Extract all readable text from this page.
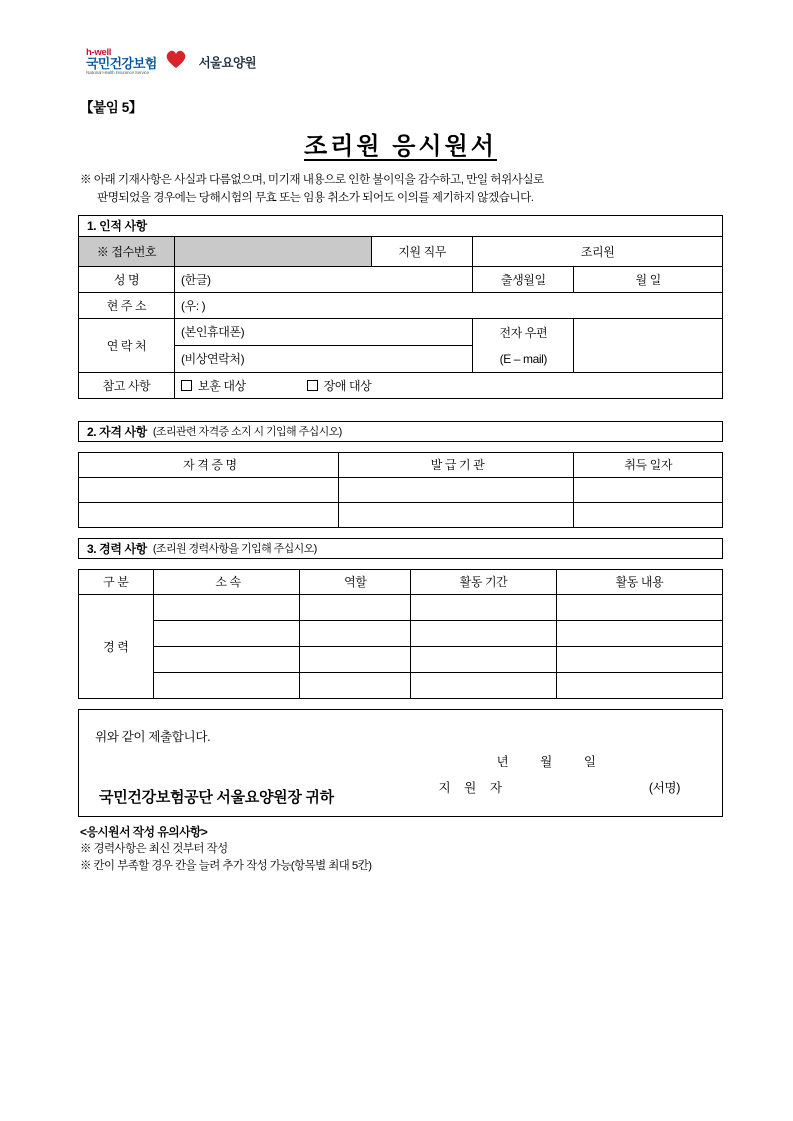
h-well
국민건강보험
National Health Insurance Service
서울요양원
【붙임 5】
조리원 응시원서
※ 아래 기재사항은 사실과 다름없으며, 미기재 내용으로 인한 불이익을 감수하고, 만일 허위사실로
판명되었을 경우에는 당해시험의 무효 또는 임용 취소가 되어도 이의를 제기하지 않겠습니다.
1. 인적 사항
※ 접수번호		지원 직무	조리원	
성 명	(한글)		출생월일	월 일
현 주 소	(우: )			
연 락 처	(본인휴대폰)		전자 우편	

	(비상연락처)		(E – mail)	

참고 사항	보훈 대상 장애 대상			
2. 자격 사항 (조리관련 자격증 소지 시 기입해 주십시오)
자 격 증 명	발 급 기 관	취득 일자

3. 경력 사항 (조리원 경력사항을 기입해 주십시오)
구 분	소 속	역할	활동 기간	활동 내용
경 력				

위와 같이 제출합니다.
년 월 일
지 원 자	(서명)
국민건강보험공단 서울요양원장 귀하
<응시원서 작성 유의사항>
※ 경력사항은 최신 것부터 작성
※ 칸이 부족할 경우 칸을 늘려 추가 작성 가능(항목별 최대 5칸)
